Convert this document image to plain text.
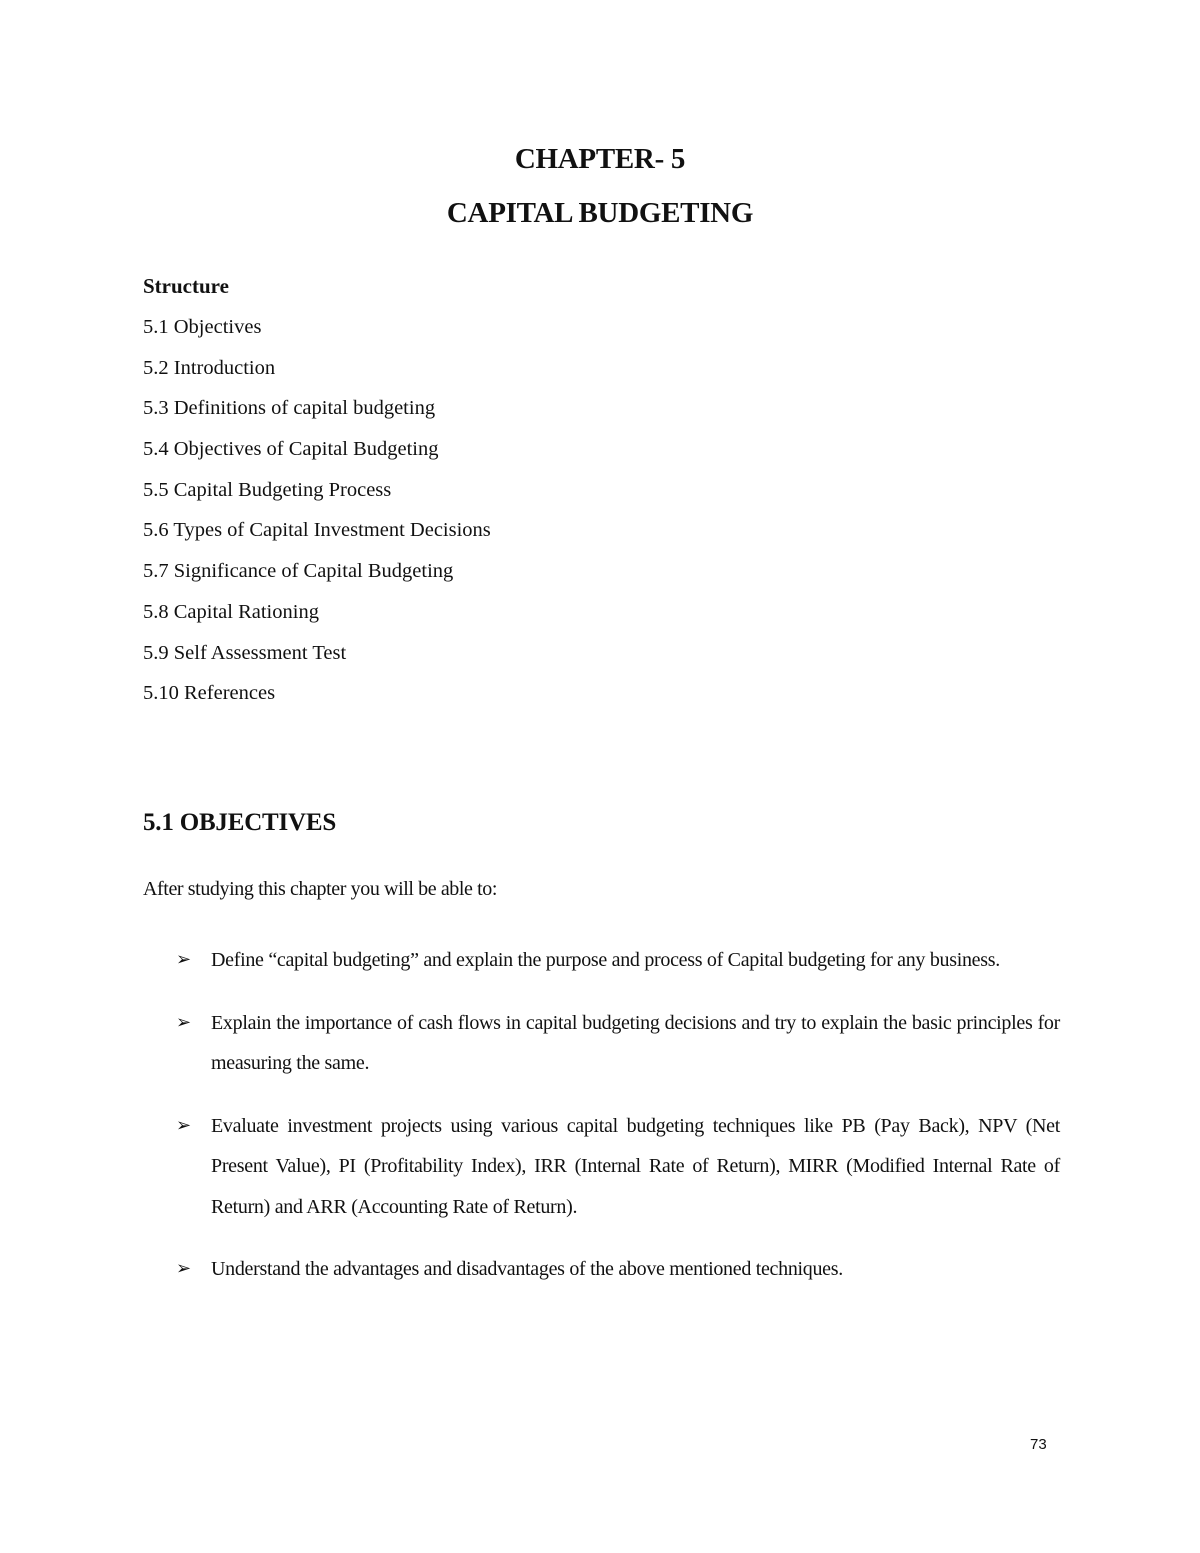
CHAPTER- 5
CAPITAL BUDGETING
Structure
5.1 Objectives
5.2 Introduction
5.3 Definitions of capital budgeting
5.4 Objectives of Capital Budgeting
5.5 Capital Budgeting Process
5.6 Types of Capital Investment Decisions
5.7 Significance of Capital Budgeting
5.8 Capital Rationing
5.9 Self Assessment Test
5.10 References
5.1 OBJECTIVES
After studying this chapter you will be able to:
➢ Define “capital budgeting” and explain the purpose and process of Capital budgeting for any business.
➢ Explain the importance of cash flows in capital budgeting decisions and try to explain the basic principles for measuring the same.
➢ Evaluate investment projects using various capital budgeting techniques like PB (Pay Back), NPV (Net Present Value), PI (Profitability Index), IRR (Internal Rate of Return), MIRR (Modified Internal Rate of Return) and ARR (Accounting Rate of Return).
➢ Understand the advantages and disadvantages of the above mentioned techniques.
73
